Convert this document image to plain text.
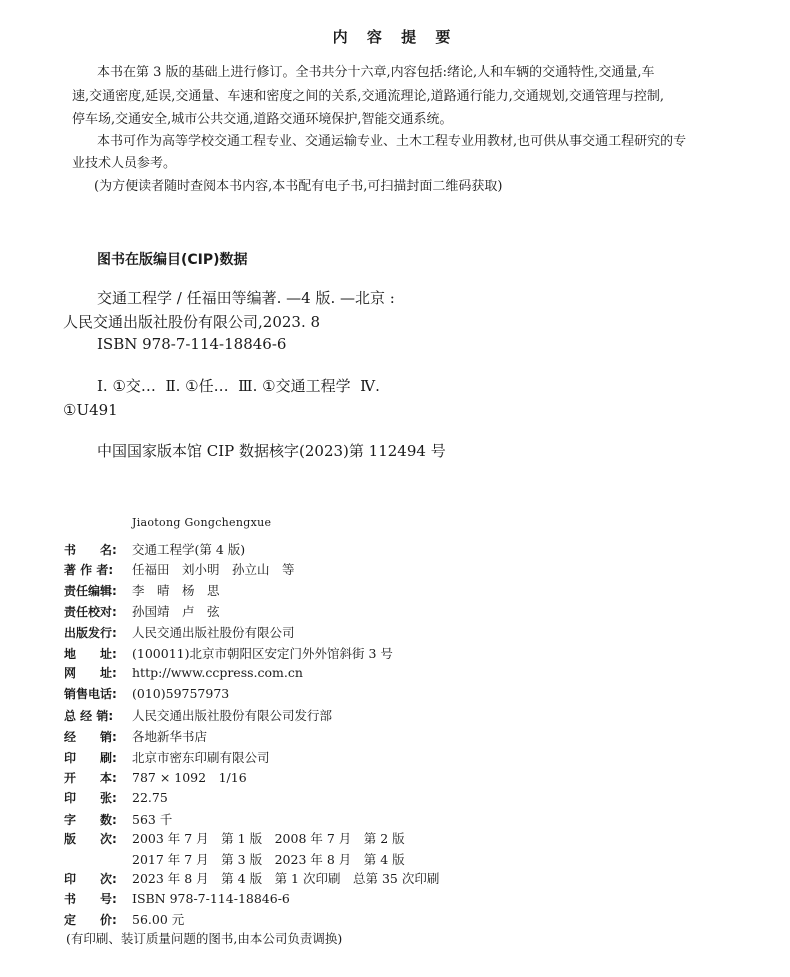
内 容 提 要
本书在第 3 版的基础上进行修订。全书共分十六章,内容包括:绪论,人和车辆的交通特性,交通量,车
速,交通密度,延误,交通量、车速和密度之间的关系,交通流理论,道路通行能力,交通规划,交通管理与控制,
停车场,交通安全,城市公共交通,道路交通环境保护,智能交通系统。
本书可作为高等学校交通工程专业、交通运输专业、土木工程专业用教材,也可供从事交通工程研究的专
业技术人员参考。
(为方便读者随时查阅本书内容,本书配有电子书,可扫描封面二维码获取)
图书在版编目(CIP)数据
交通工程学 / 任福田等编著. —4 版. —北京 :
人民交通出版社股份有限公司,2023. 8
ISBN 978-7-114-18846-6
Ⅰ. ①交…  Ⅱ. ①任…  Ⅲ. ①交通工程学  Ⅳ.
①U491
中国国家版本馆 CIP 数据核字(2023)第 112494 号
Jiaotong Gongchengxue
书　　名: 交通工程学(第 4 版)
著 作 者: 任福田　刘小明　孙立山　等
责任编辑: 李　晴　杨　思
责任校对: 孙国靖　卢　弦
出版发行: 人民交通出版社股份有限公司
地　　址: (100011)北京市朝阳区安定门外外馆斜街 3 号
网　　址: http://www.ccpress.com.cn
销售电话: (010)59757973
总 经 销: 人民交通出版社股份有限公司发行部
经　　销: 各地新华书店
印　　刷: 北京市密东印刷有限公司
开　　本: 787 × 1092　1/16
印　　张: 22.75
字　　数: 563 千
版　　次: 2003 年 7 月　第 1 版　2008 年 7 月　第 2 版
2017 年 7 月　第 3 版　2023 年 8 月　第 4 版
印　　次: 2023 年 8 月　第 4 版　第 1 次印刷　总第 35 次印刷
书　　号: ISBN 978-7-114-18846-6
定　　价: 56.00 元
(有印刷、装订质量问题的图书,由本公司负责调换)
